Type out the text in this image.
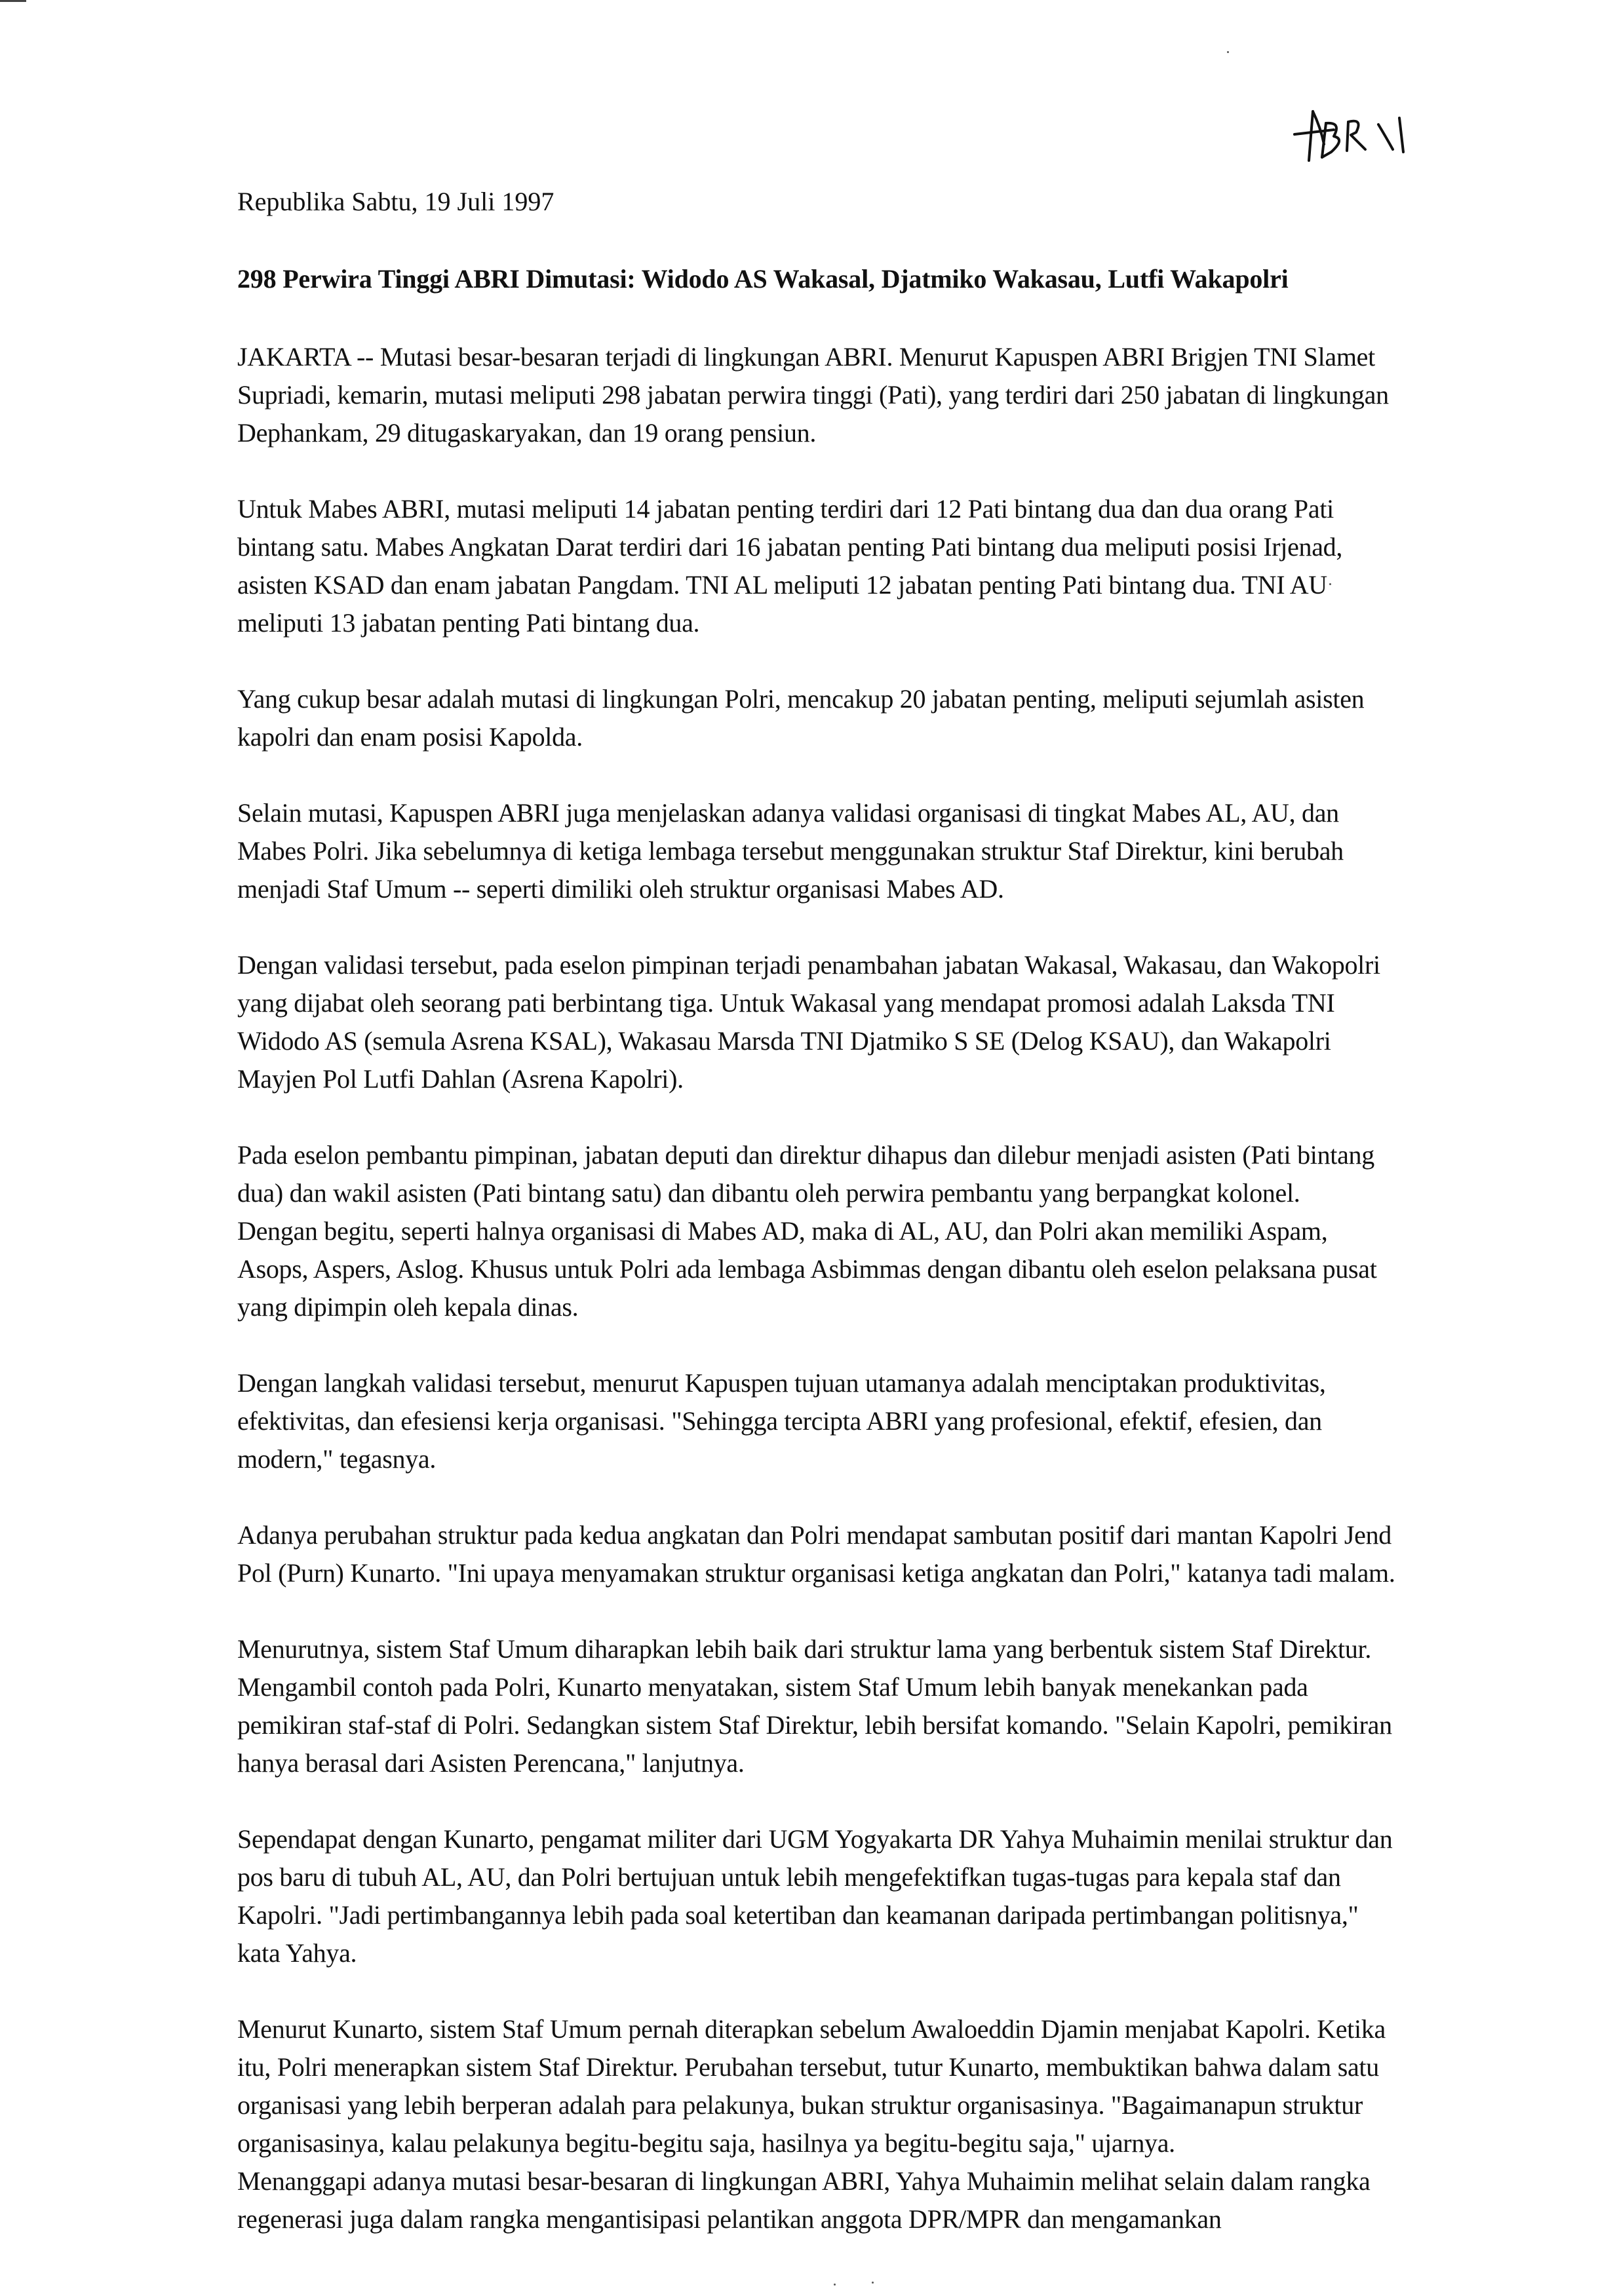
Republika Sabtu, 19 Juli 1997

298 Perwira Tinggi ABRI Dimutasi: Widodo AS Wakasal, Djatmiko Wakasau, Lutfi Wakapolri

JAKARTA -- Mutasi besar-besaran terjadi di lingkungan ABRI. Menurut Kapuspen ABRI Brigjen TNI Slamet Supriadi, kemarin, mutasi meliputi 298 jabatan perwira tinggi (Pati), yang terdiri dari 250 jabatan di lingkungan Dephankam, 29 ditugaskaryakan, dan 19 orang pensiun.

Untuk Mabes ABRI, mutasi meliputi 14 jabatan penting terdiri dari 12 Pati bintang dua dan dua orang Pati bintang satu. Mabes Angkatan Darat terdiri dari 16 jabatan penting Pati bintang dua meliputi posisi Irjenad, asisten KSAD dan enam jabatan Pangdam. TNI AL meliputi 12 jabatan penting Pati bintang dua. TNI AU meliputi 13 jabatan penting Pati bintang dua.

Yang cukup besar adalah mutasi di lingkungan Polri, mencakup 20 jabatan penting, meliputi sejumlah asisten kapolri dan enam posisi Kapolda.

Selain mutasi, Kapuspen ABRI juga menjelaskan adanya validasi organisasi di tingkat Mabes AL, AU, dan Mabes Polri. Jika sebelumnya di ketiga lembaga tersebut menggunakan struktur Staf Direktur, kini berubah menjadi Staf Umum -- seperti dimiliki oleh struktur organisasi Mabes AD.

Dengan validasi tersebut, pada eselon pimpinan terjadi penambahan jabatan Wakasal, Wakasau, dan Wakopolri yang dijabat oleh seorang pati berbintang tiga. Untuk Wakasal yang mendapat promosi adalah Laksda TNI Widodo AS (semula Asrena KSAL), Wakasau Marsda TNI Djatmiko S SE (Delog KSAU), dan Wakapolri Mayjen Pol Lutfi Dahlan (Asrena Kapolri).

Pada eselon pembantu pimpinan, jabatan deputi dan direktur dihapus dan dilebur menjadi asisten (Pati bintang dua) dan wakil asisten (Pati bintang satu) dan dibantu oleh perwira pembantu yang berpangkat kolonel.

Dengan begitu, seperti halnya organisasi di Mabes AD, maka di AL, AU, dan Polri akan memiliki Aspam, Asops, Aspers, Aslog. Khusus untuk Polri ada lembaga Asbimmas dengan dibantu oleh eselon pelaksana pusat yang dipimpin oleh kepala dinas.

Dengan langkah validasi tersebut, menurut Kapuspen tujuan utamanya adalah menciptakan produktivitas, efektivitas, dan efesiensi kerja organisasi. "Sehingga tercipta ABRI yang profesional, efektif, efesien, dan modern," tegasnya.

Adanya perubahan struktur pada kedua angkatan dan Polri mendapat sambutan positif dari mantan Kapolri Jend Pol (Purn) Kunarto. "Ini upaya menyamakan struktur organisasi ketiga angkatan dan Polri," katanya tadi malam.

Menurutnya, sistem Staf Umum diharapkan lebih baik dari struktur lama yang berbentuk sistem Staf Direktur. Mengambil contoh pada Polri, Kunarto menyatakan, sistem Staf Umum lebih banyak menekankan pada pemikiran staf-staf di Polri. Sedangkan sistem Staf Direktur, lebih bersifat komando. "Selain Kapolri, pemikiran hanya berasal dari Asisten Perencana," lanjutnya.

Sependapat dengan Kunarto, pengamat militer dari UGM Yogyakarta DR Yahya Muhaimin menilai struktur dan pos baru di tubuh AL, AU, dan Polri bertujuan untuk lebih mengefektifkan tugas-tugas para kepala staf dan Kapolri. "Jadi pertimbangannya lebih pada soal ketertiban dan keamanan daripada pertimbangan politisnya," kata Yahya.

Menurut Kunarto, sistem Staf Umum pernah diterapkan sebelum Awaloeddin Djamin menjabat Kapolri. Ketika itu, Polri menerapkan sistem Staf Direktur. Perubahan tersebut, tutur Kunarto, membuktikan bahwa dalam satu organisasi yang lebih berperan adalah para pelakunya, bukan struktur organisasinya. "Bagaimanapun struktur organisasinya, kalau pelakunya begitu-begitu saja, hasilnya ya begitu-begitu saja," ujarnya.

Menanggapi adanya mutasi besar-besaran di lingkungan ABRI, Yahya Muhaimin melihat selain dalam rangka regenerasi juga dalam rangka mengantisipasi pelantikan anggota DPR/MPR dan mengamankan
